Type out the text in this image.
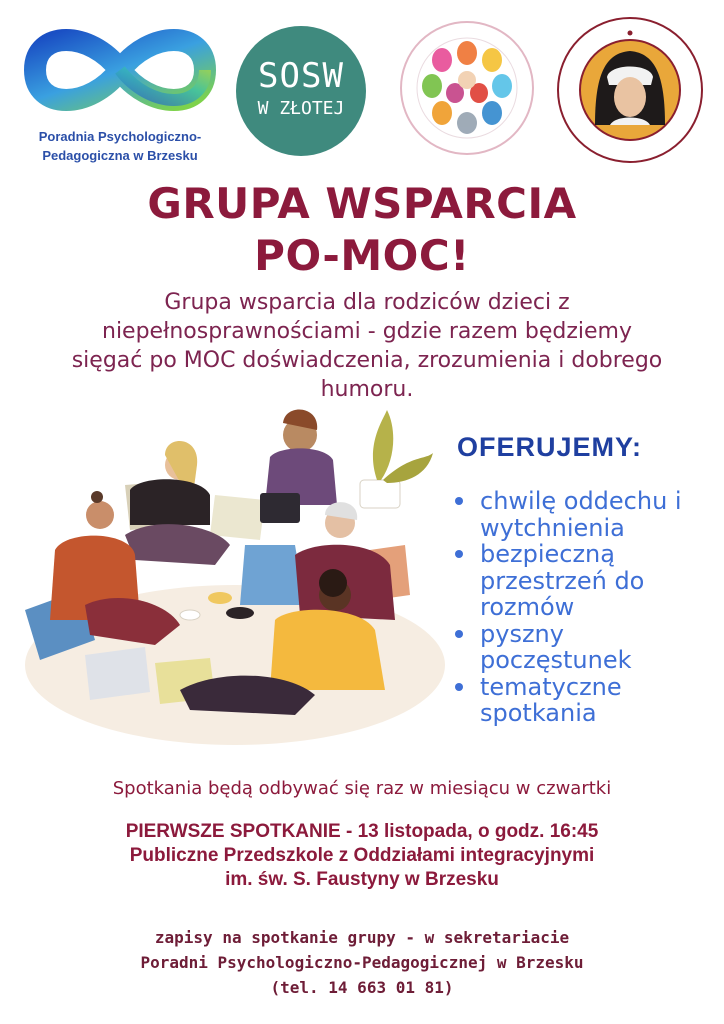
Poradnia Psychologiczno-
Pedagogiczna w Brzesku
SOSW
W ZŁOTEJ
GRUPA WSPARCIA
PO-MOC!
Grupa wsparcia dla rodziców dzieci z niepełnosprawnościami - gdzie razem będziemy sięgać po MOC doświadczenia, zrozumienia i dobrego humoru.
OFERUJEMY:
chwilę oddechu i wytchnienia
bezpieczną przestrzeń do rozmów
pyszny poczęstunek
tematyczne spotkania
Spotkania będą odbywać się raz w miesiącu w czwartki
PIERWSZE SPOTKANIE - 13 listopada, o godz. 16:45
Publiczne Przedszkole z Oddziałami integracyjnymi
im. św. S. Faustyny w Brzesku
zapisy na spotkanie grupy - w sekretariacie
Poradni Psychologiczno-Pedagogicznej w Brzesku
(tel. 14 663 01 81)
